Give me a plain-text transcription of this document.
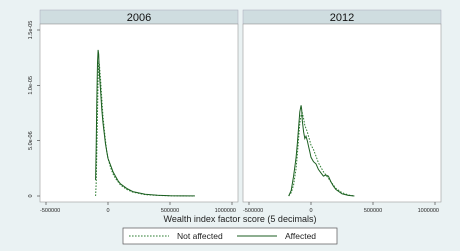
2006
-500000	0	500000	1000000
0
5.0e-06
1.0e-05
1.5e-05
2012
-500000	0	500000	1000000
Wealth index factor score (5 decimals)
Not affected	Affected
